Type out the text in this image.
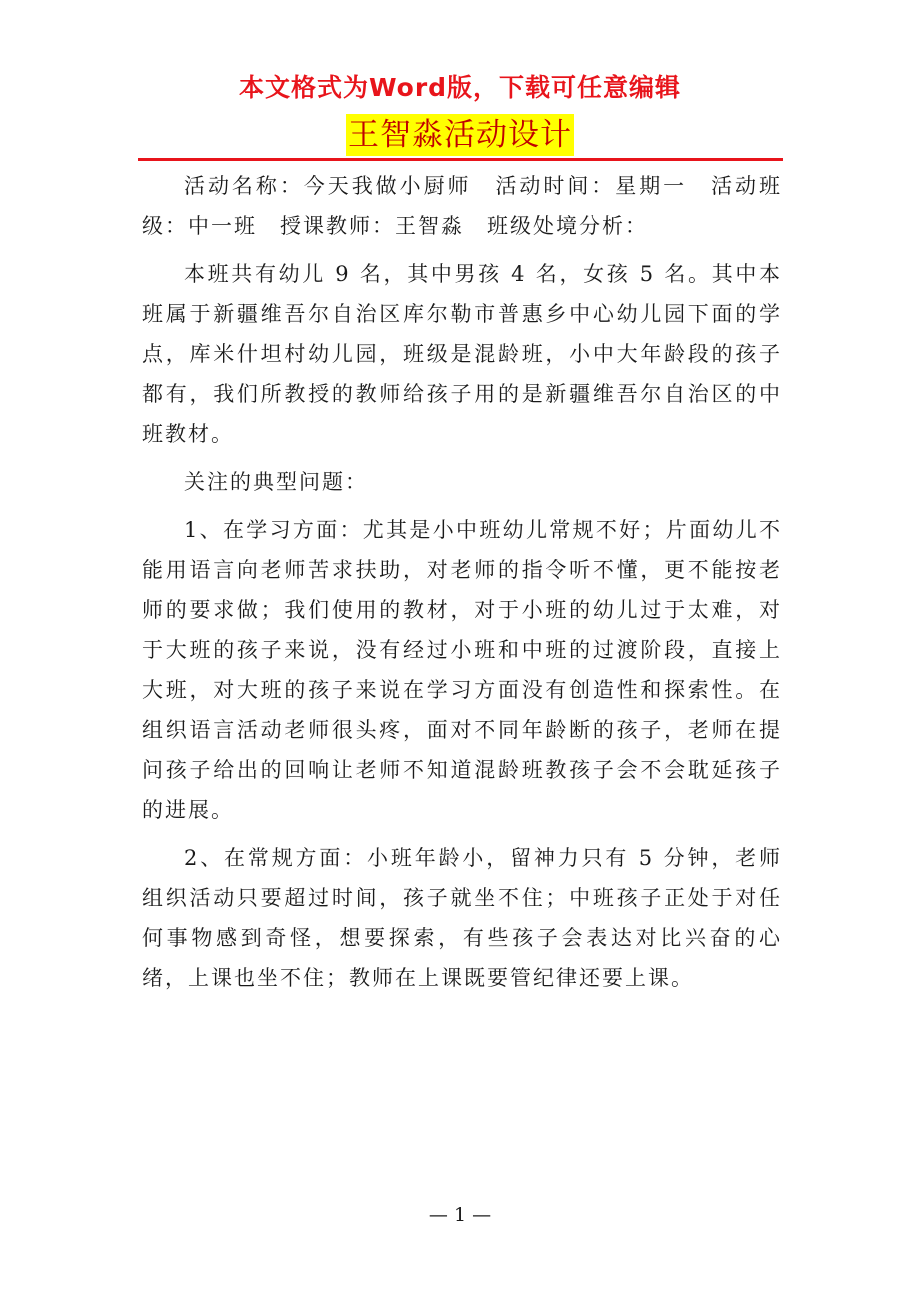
本文格式为Word版，下载可任意编辑
王智淼活动设计

活动名称：今天我做小厨师　活动时间：星期一　活动班级：中一班　授课教师：王智淼　班级处境分析：

本班共有幼儿 9 名，其中男孩 4 名，女孩 5 名。其中本班属于新疆维吾尔自治区库尔勒市普惠乡中心幼儿园下面的学点，库米什坦村幼儿园，班级是混龄班，小中大年龄段的孩子都有，我们所教授的教师给孩子用的是新疆维吾尔自治区的中班教材。

关注的典型问题：

1、在学习方面：尤其是小中班幼儿常规不好；片面幼儿不能用语言向老师苦求扶助，对老师的指令听不懂，更不能按老师的要求做；我们使用的教材，对于小班的幼儿过于太难，对于大班的孩子来说，没有经过小班和中班的过渡阶段，直接上大班，对大班的孩子来说在学习方面没有创造性和探索性。在组织语言活动老师很头疼，面对不同年龄断的孩子，老师在提问孩子给出的回响让老师不知道混龄班教孩子会不会耽延孩子的进展。

2、在常规方面：小班年龄小，留神力只有 5 分钟，老师组织活动只要超过时间，孩子就坐不住；中班孩子正处于对任何事物感到奇怪，想要探索，有些孩子会表达对比兴奋的心绪，上课也坐不住；教师在上课既要管纪律还要上课。

— 1 —
